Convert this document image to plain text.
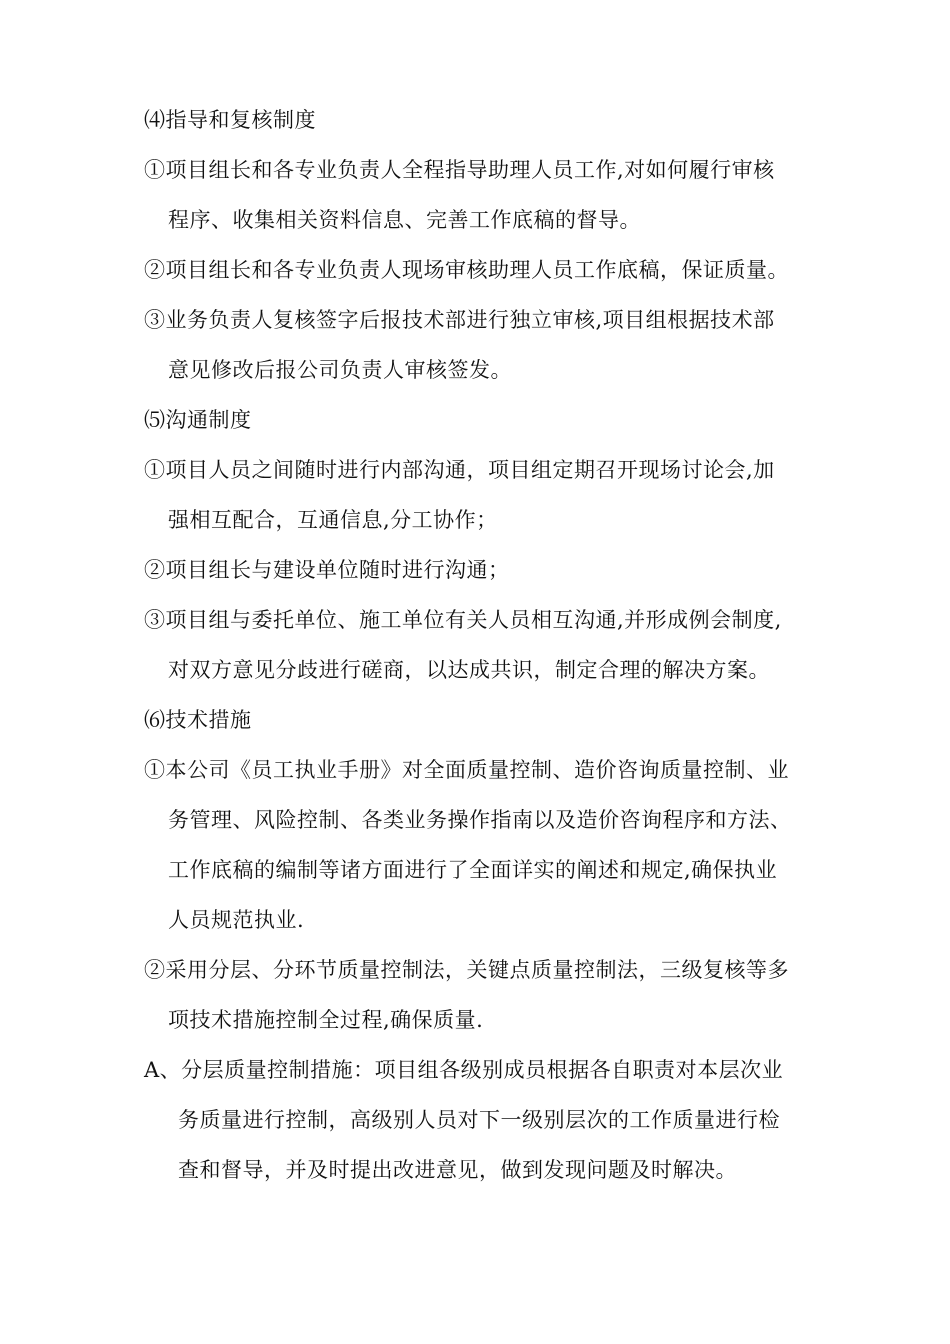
⑷指导和复核制度
①项目组长和各专业负责人全程指导助理人员工作,对如何履行审核
程序、收集相关资料信息、完善工作底稿的督导。
②项目组长和各专业负责人现场审核助理人员工作底稿，保证质量。
③业务负责人复核签字后报技术部进行独立审核,项目组根据技术部
意见修改后报公司负责人审核签发。
⑸沟通制度
①项目人员之间随时进行内部沟通，项目组定期召开现场讨论会,加
强相互配合，互通信息,分工协作；
②项目组长与建设单位随时进行沟通；
③项目组与委托单位、施工单位有关人员相互沟通,并形成例会制度,
对双方意见分歧进行磋商，以达成共识，制定合理的解决方案。
⑹技术措施
①本公司《员工执业手册》对全面质量控制、造价咨询质量控制、业
务管理、风险控制、各类业务操作指南以及造价咨询程序和方法、
工作底稿的编制等诸方面进行了全面详实的阐述和规定,确保执业
人员规范执业.
②采用分层、分环节质量控制法，关键点质量控制法，三级复核等多
项技术措施控制全过程,确保质量.
A、分层质量控制措施：项目组各级别成员根据各自职责对本层次业
务质量进行控制，高级别人员对下一级别层次的工作质量进行检
查和督导，并及时提出改进意见，做到发现问题及时解决。
